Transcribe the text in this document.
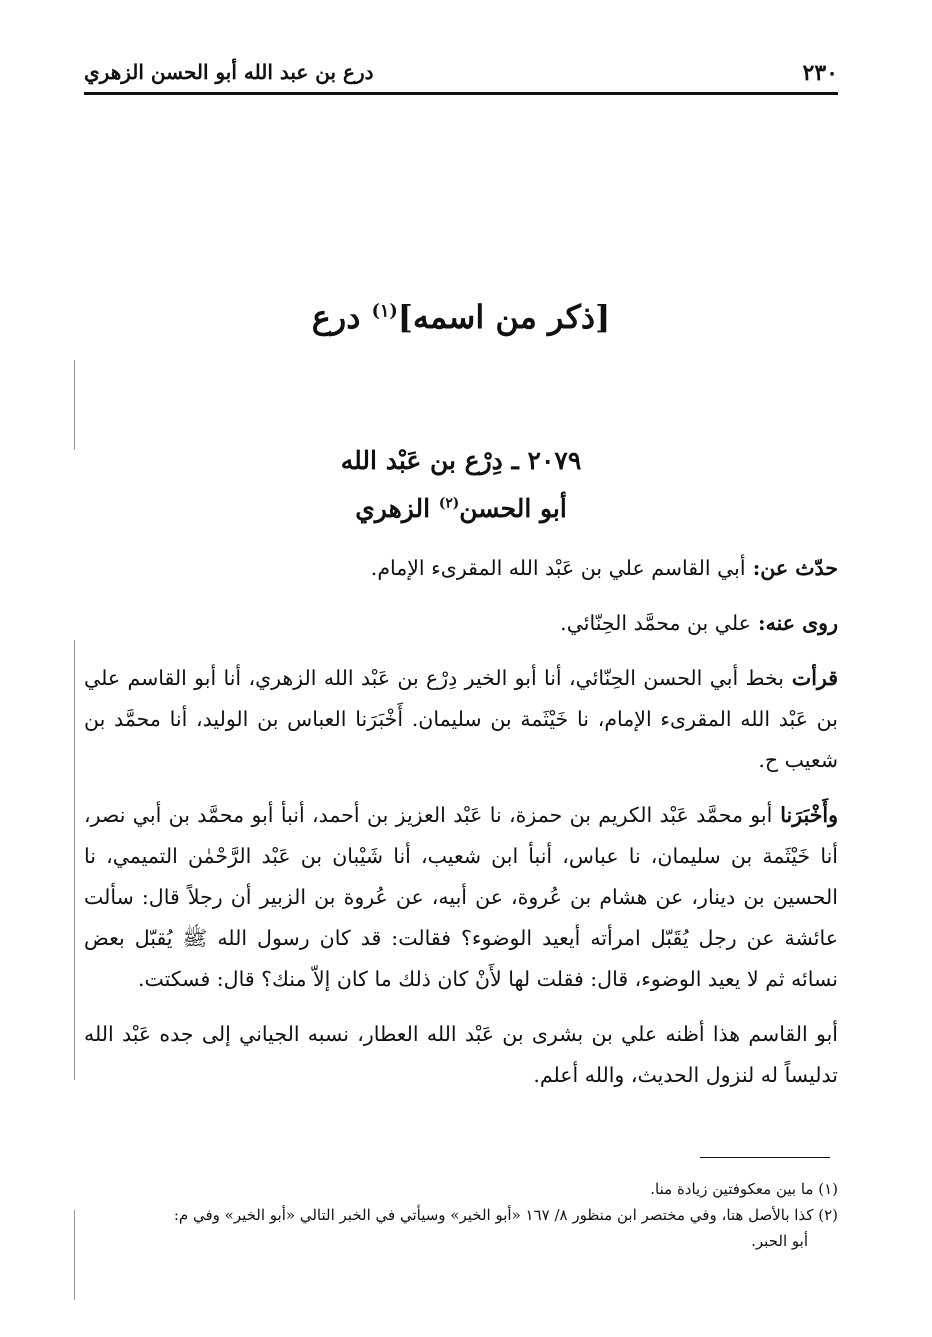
٢٣٠
درع بن عبد الله أبو الحسن الزهري
[ذكر من اسمه]$^{(١)}$ درع
٢٠٧٩ ـ دِرْع بن عَبْد الله
أبو الحسن$^{(٢)}$ الزهري

حدّث عن: أبي القاسم علي بن عَبْد الله المقرىء الإمام.

روى عنه: علي بن محمَّد الحِنّائي.

قرأت بخط أبي الحسن الحِنّائي، أنا أبو الخير دِرْع بن عَبْد الله الزهري، أنا أبو القاسم علي بن عَبْد الله المقرىء الإمام، نا خَيْثَمة بن سليمان. أَخْبَرَنا العباس بن الوليد، أنا محمَّد بن شعيب ح.

وأَخْبَرَنا أبو محمَّد عَبْد الكريم بن حمزة، نا عَبْد العزيز بن أحمد، أنبأ أبو محمَّد بن أبي نصر، أنا خَيْثَمة بن سليمان، نا عباس، أنبأ ابن شعيب، أنا شَيْبان بن عَبْد الرَّحْمٰن التميمي، نا الحسين بن دينار، عن هشام بن عُروة، عن أبيه، عن عُروة بن الزبير أن رجلاً قال: سألت عائشة عن رجل يُقَبّل امرأته أيعيد الوضوء؟ فقالت: قد كان رسول الله ﷺ يُقبّل بعض نسائه ثم لا يعيد الوضوء، قال: فقلت لها لأَنْ كان ذلك ما كان إلاّ منك؟ قال: فسكتت.

أبو القاسم هذا أظنه علي بن بشرى بن عَبْد الله العطار، نسبه الجياني إلى جده عَبْد الله تدليساً له لنزول الحديث، والله أعلم.

(١) ما بين معكوفتين زيادة منا.
(٢) كذا بالأصل هنا، وفي مختصر ابن منظور ٨/ ١٦٧ «أبو الخير» وسيأتي في الخبر التالي «أبو الخير» وفي م:
أبو الحبر.
